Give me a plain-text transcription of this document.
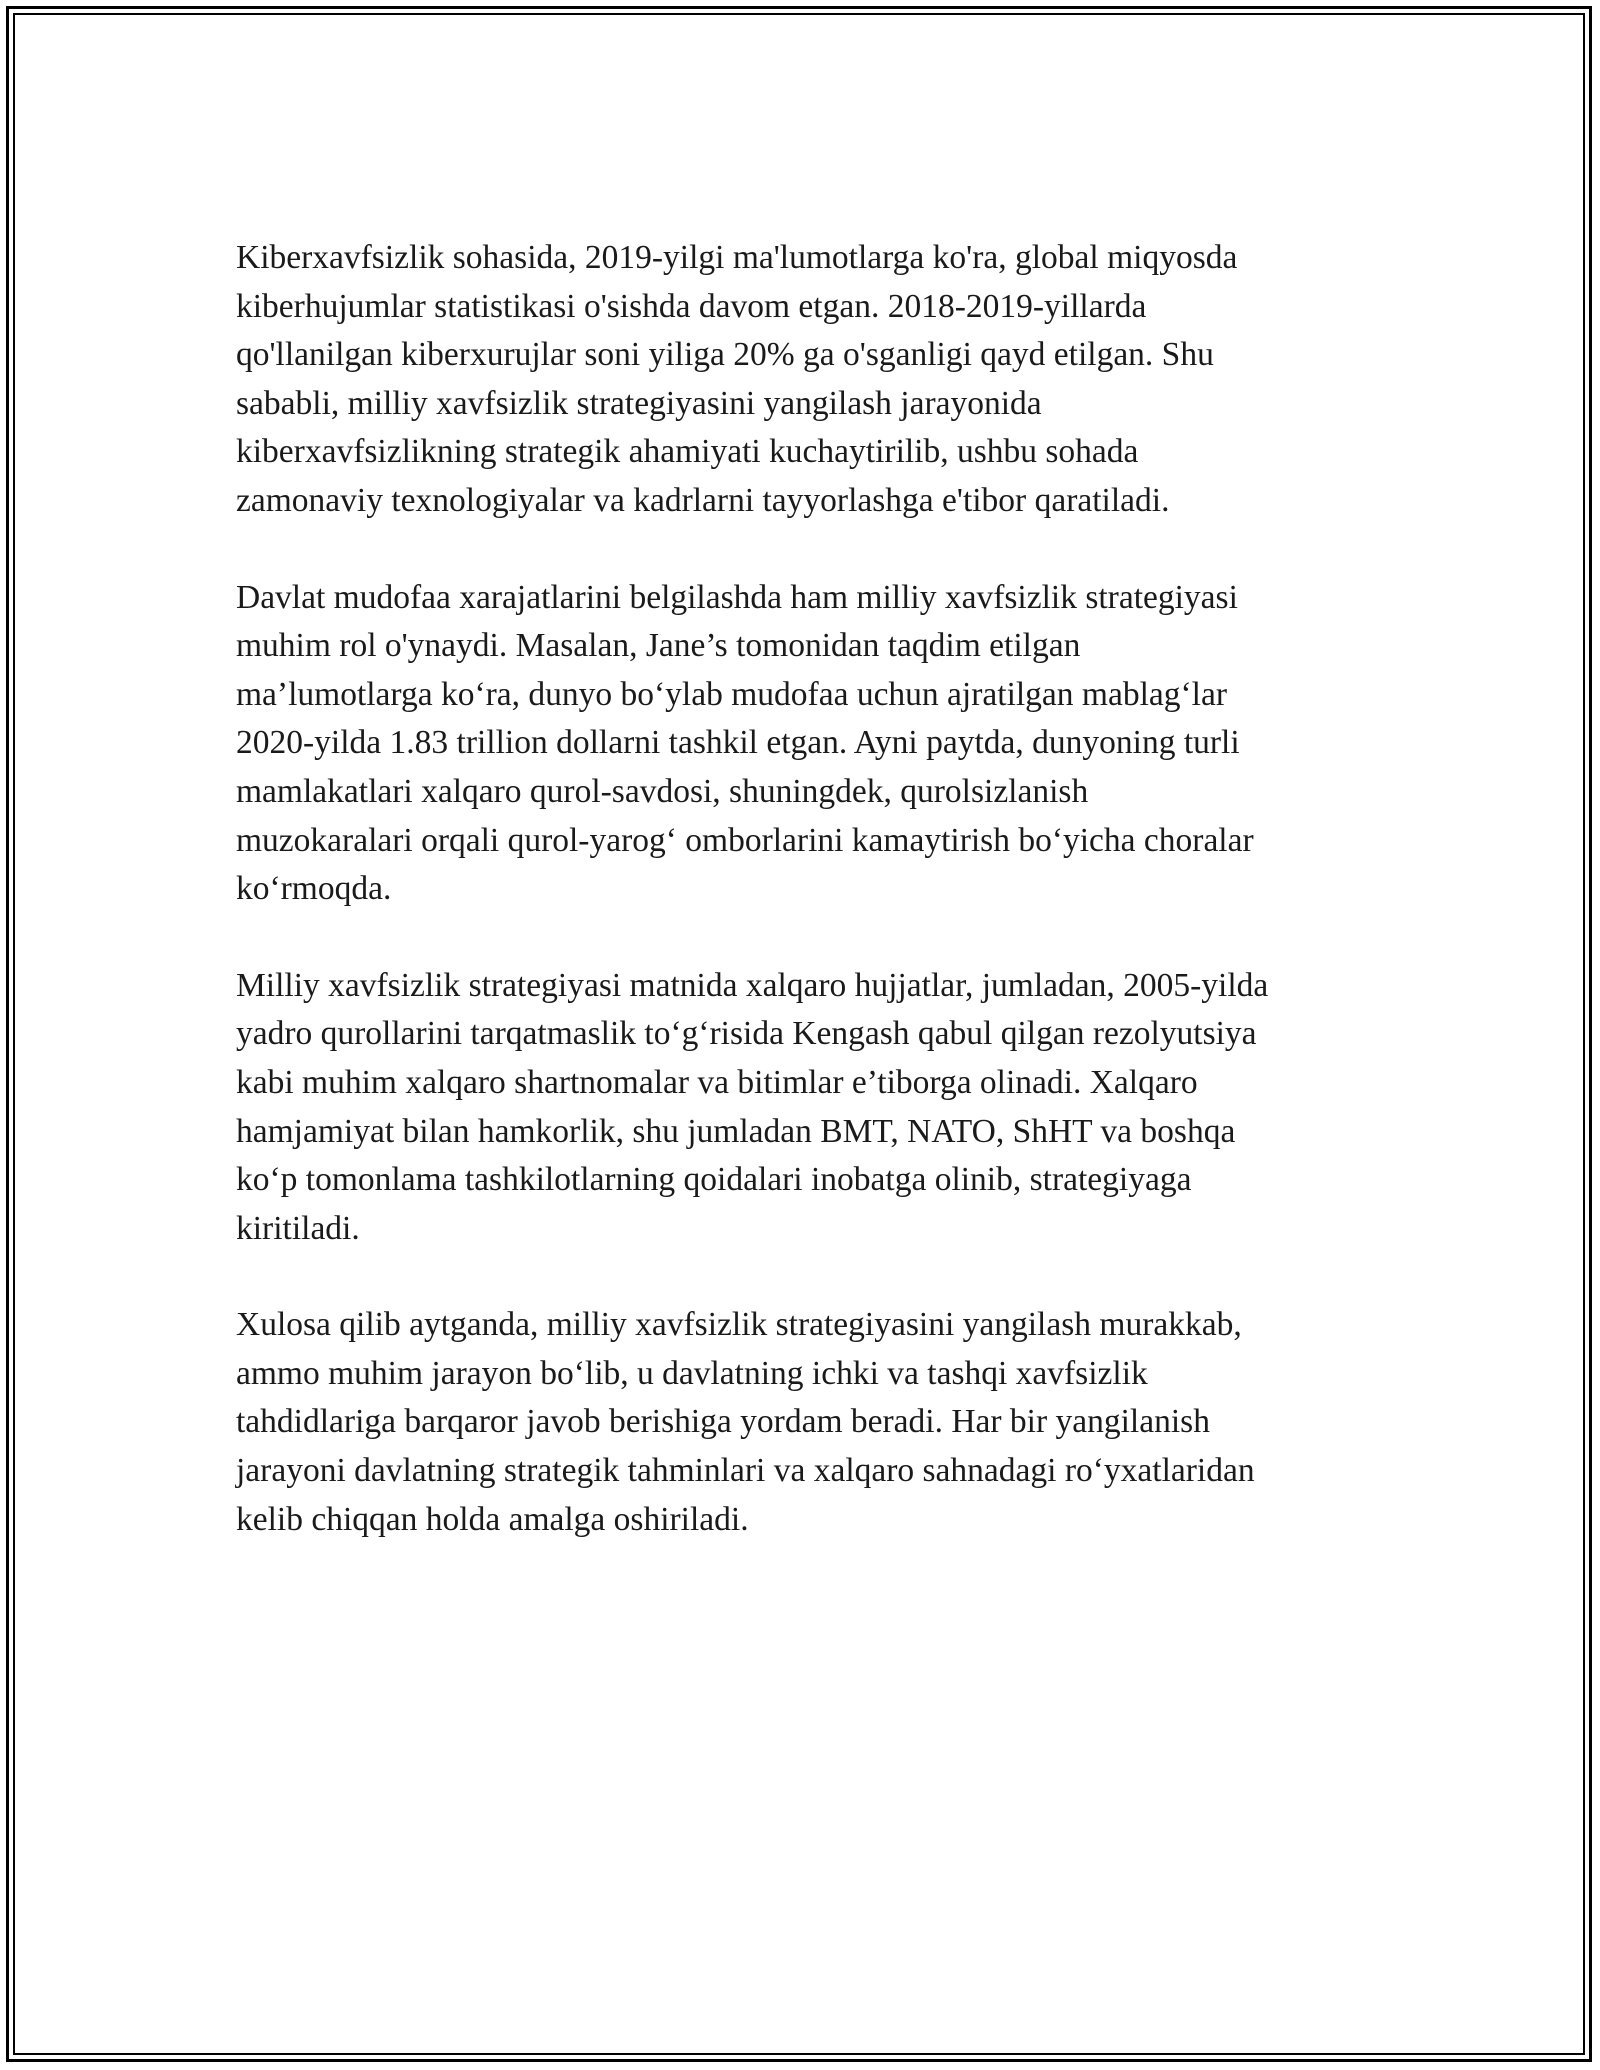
Kiberxavfsizlik sohasida, 2019-yilgi ma'lumotlarga ko'ra, global miqyosda
kiberhujumlar statistikasi o'sishda davom etgan. 2018-2019-yillarda
qo'llanilgan kiberxurujlar soni yiliga 20% ga o'sganligi qayd etilgan. Shu
sababli, milliy xavfsizlik strategiyasini yangilash jarayonida
kiberxavfsizlikning strategik ahamiyati kuchaytirilib, ushbu sohada
zamonaviy texnologiyalar va kadrlarni tayyorlashga e'tibor qaratiladi.

Davlat mudofaa xarajatlarini belgilashda ham milliy xavfsizlik strategiyasi
muhim rol o'ynaydi. Masalan, Jane’s tomonidan taqdim etilgan
ma’lumotlarga ko‘ra, dunyo bo‘ylab mudofaa uchun ajratilgan mablag‘lar
2020-yilda 1.83 trillion dollarni tashkil etgan. Ayni paytda, dunyoning turli
mamlakatlari xalqaro qurol-savdosi, shuningdek, qurolsizlanish
muzokaralari orqali qurol-yarog‘ omborlarini kamaytirish bo‘yicha choralar
ko‘rmoqda.

Milliy xavfsizlik strategiyasi matnida xalqaro hujjatlar, jumladan, 2005-yilda
yadro qurollarini tarqatmaslik to‘g‘risida Kengash qabul qilgan rezolyutsiya
kabi muhim xalqaro shartnomalar va bitimlar e’tiborga olinadi. Xalqaro
hamjamiyat bilan hamkorlik, shu jumladan BMT, NATO, ShHT va boshqa
ko‘p tomonlama tashkilotlarning qoidalari inobatga olinib, strategiyaga
kiritiladi.

Xulosa qilib aytganda, milliy xavfsizlik strategiyasini yangilash murakkab,
ammo muhim jarayon bo‘lib, u davlatning ichki va tashqi xavfsizlik
tahdidlariga barqaror javob berishiga yordam beradi. Har bir yangilanish
jarayoni davlatning strategik tahminlari va xalqaro sahnadagi ro‘yxatlaridan
kelib chiqqan holda amalga oshiriladi.
